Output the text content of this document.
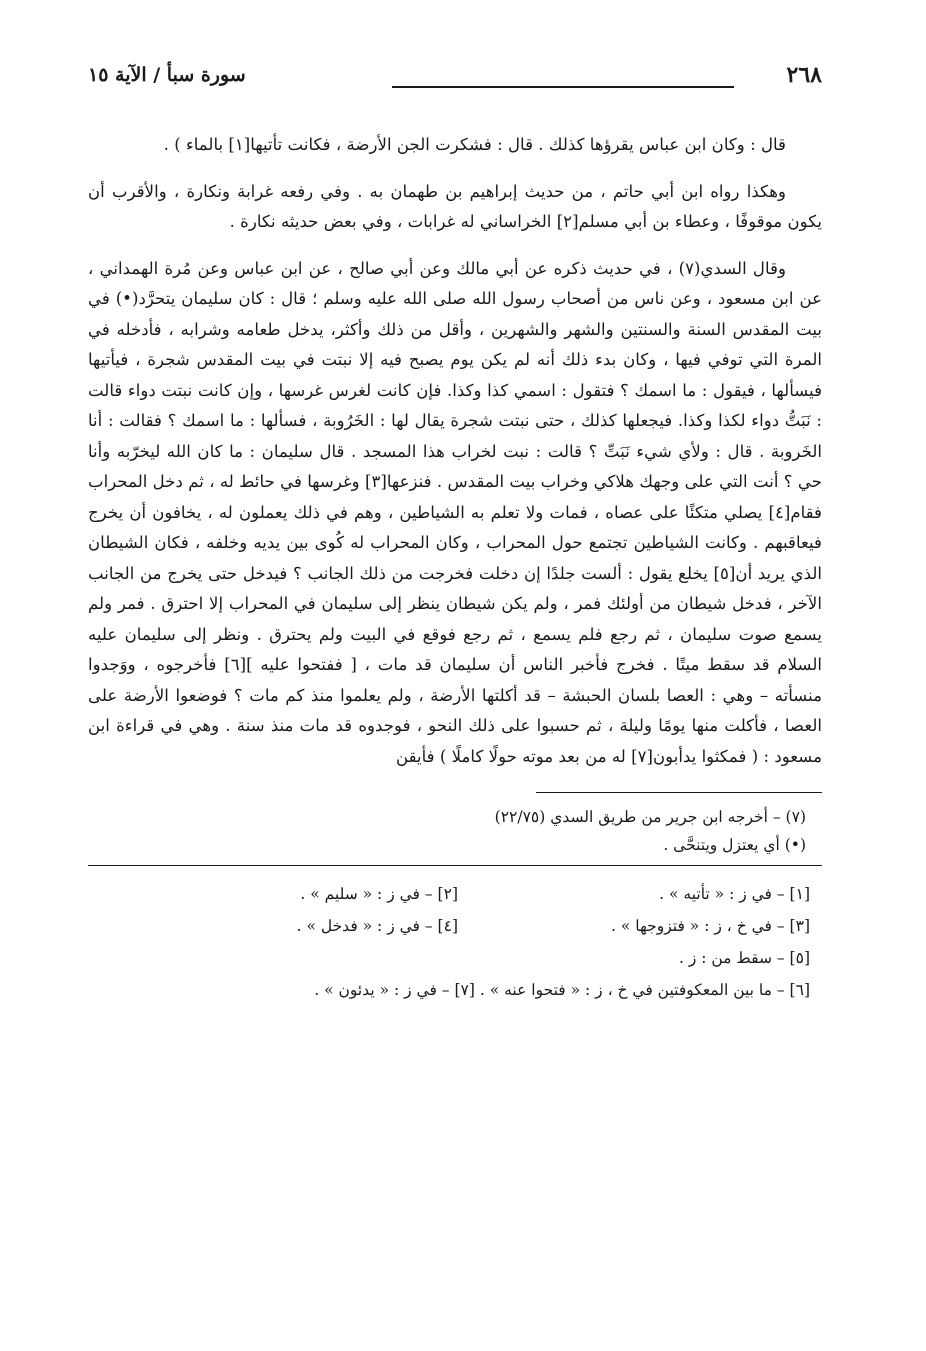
٢٦٨
سورة سبأ / الآية ١٥

قال : وكان ابن عباس يقرؤها كذلك . قال : فشكرت الجن الأرضة ، فكانت تأتيها[١] بالماء ) .

وهكذا رواه ابن أبي حاتم ، من حديث إبراهيم بن طهمان به . وفي رفعه غرابة ونكارة ، والأقرب أن يكون موقوفًا ، وعطاء بن أبي مسلم[٢] الخراساني له غرابات ، وفي بعض حديثه نكارة .

وقال السدي(٧) ، في حديث ذكره عن أبي مالك وعن أبي صالح ، عن ابن عباس وعن مُرة الهمداني ، عن ابن مسعود ، وعن ناس من أصحاب رسول الله صلى الله عليه وسلم ؛ قال : كان سليمان يتحرَّد(•) في بيت المقدس السنة والسنتين والشهر والشهرين ، وأقل من ذلك وأكثر، يدخل طعامه وشرابه ، فأدخله في المرة التي توفي فيها ، وكان بدء ذلك أنه لم يكن يوم يصبح فيه إلا نبتت في بيت المقدس شجرة ، فيأتيها فيسألها ، فيقول : ما اسمك ؟ فتقول : اسمي كذا وكذا. فإن كانت لغرس غرسها ، وإن كانت نبتت دواء قالت : نَبَتُّ دواء لكذا وكذا. فيجعلها كذلك ، حتى نبتت شجرة يقال لها : الخَرُوبة ، فسألها : ما اسمك ؟ فقالت : أنا الخَروبة . قال : ولأي شيء نَبَتِّ ؟ قالت : نبت لخراب هذا المسجد . قال سليمان : ما كان الله ليخرّبه وأنا حي ؟ أنت التي على وجهك هلاكي وخراب بيت المقدس . فنزعها[٣] وغرسها في حائط له ، ثم دخل المحراب فقام[٤] يصلي متكئًا على عصاه ، فمات ولا تعلم به الشياطين ، وهم في ذلك يعملون له ، يخافون أن يخرج فيعاقبهم . وكانت الشياطين تجتمع حول المحراب ، وكان المحراب له كُوى بين يديه وخلفه ، فكان الشيطان الذي يريد أن[٥] يخلع يقول : ألست جلدًا إن دخلت فخرجت من ذلك الجانب ؟ فيدخل حتى يخرج من الجانب الآخر ، فدخل شيطان من أولئك فمر ، ولم يكن شيطان ينظر إلى سليمان في المحراب إلا احترق . فمر ولم يسمع صوت سليمان ، ثم رجع فلم يسمع ، ثم رجع فوقع في البيت ولم يحترق . ونظر إلى سليمان عليه السلام قد سقط ميتًا . فخرج فأخبر الناس أن سليمان قد مات ، [ ففتحوا عليه ][٦] فأخرجوه ، ووَجدوا منسأته – وهي : العصا بلسان الحبشة – قد أكلتها الأرضة ، ولم يعلموا منذ كم مات ؟ فوضعوا الأرضة على العصا ، فأكلت منها يومًا وليلة ، ثم حسبوا على ذلك النحو ، فوجدوه قد مات منذ سنة . وهي في قراءة ابن مسعود : ( فمكثوا يدأبون[٧] له من بعد موته حولًا كاملًا ) فأيقن

(٧) – أخرجه ابن جرير من طريق السدي (٢٢/٧٥)
(•) أي يعتزل ويتنحَّى .
[١] – في ز : « تأتيه » .
[٢] – في ز : « سليم » .
[٣] – في خ ، ز : « فتزوجها » .
[٤] – في ز : « فدخل » .
[٥] – سقط من : ز .
[٦] – ما بين المعكوفتين في خ ، ز : « فتحوا عنه » . [٧] – في ز : « يدئون » .
